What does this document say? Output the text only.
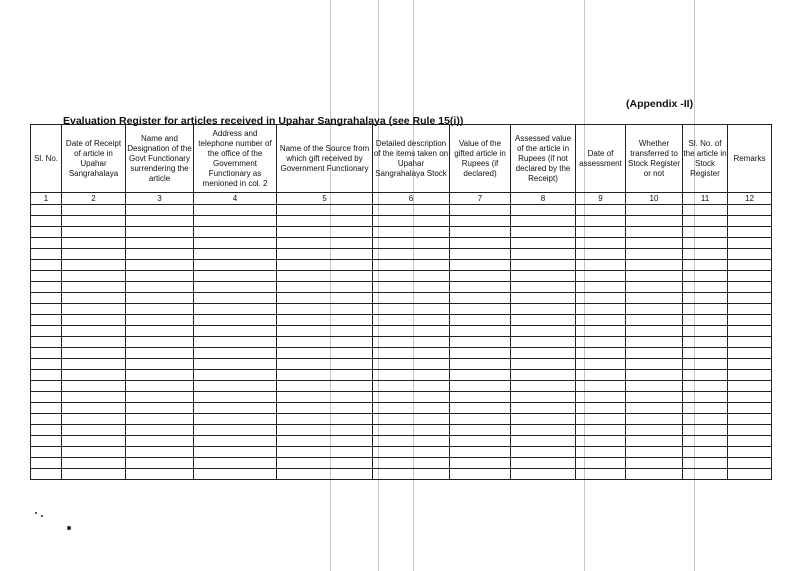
(Appendix -II)
Evaluation Register for articles received in Upahar Sangrahalaya (see Rule 15(i))
Sl. No.	Date of Receipt of article in Upahar Sangrahalaya	Name and Designation of the Govt Functionary surrendering the article	Address and telephone number of the office of the Government Functionary as menioned in col. 2	Name of the Source from which gift received by Government Functionary	Detailed description of the items taken on Upahar Sangrahalaya Stock	Value of the gifted article in Rupees (if declared)	Assessed value of the article in Rupees (if not declared by the Receipt)	Date of assessment	Whether transferred to Stock Register or not	Sl. No. of the article in Stock Register	Remarks
1	2	3	4	5	6	7	8	9	10	11	12
